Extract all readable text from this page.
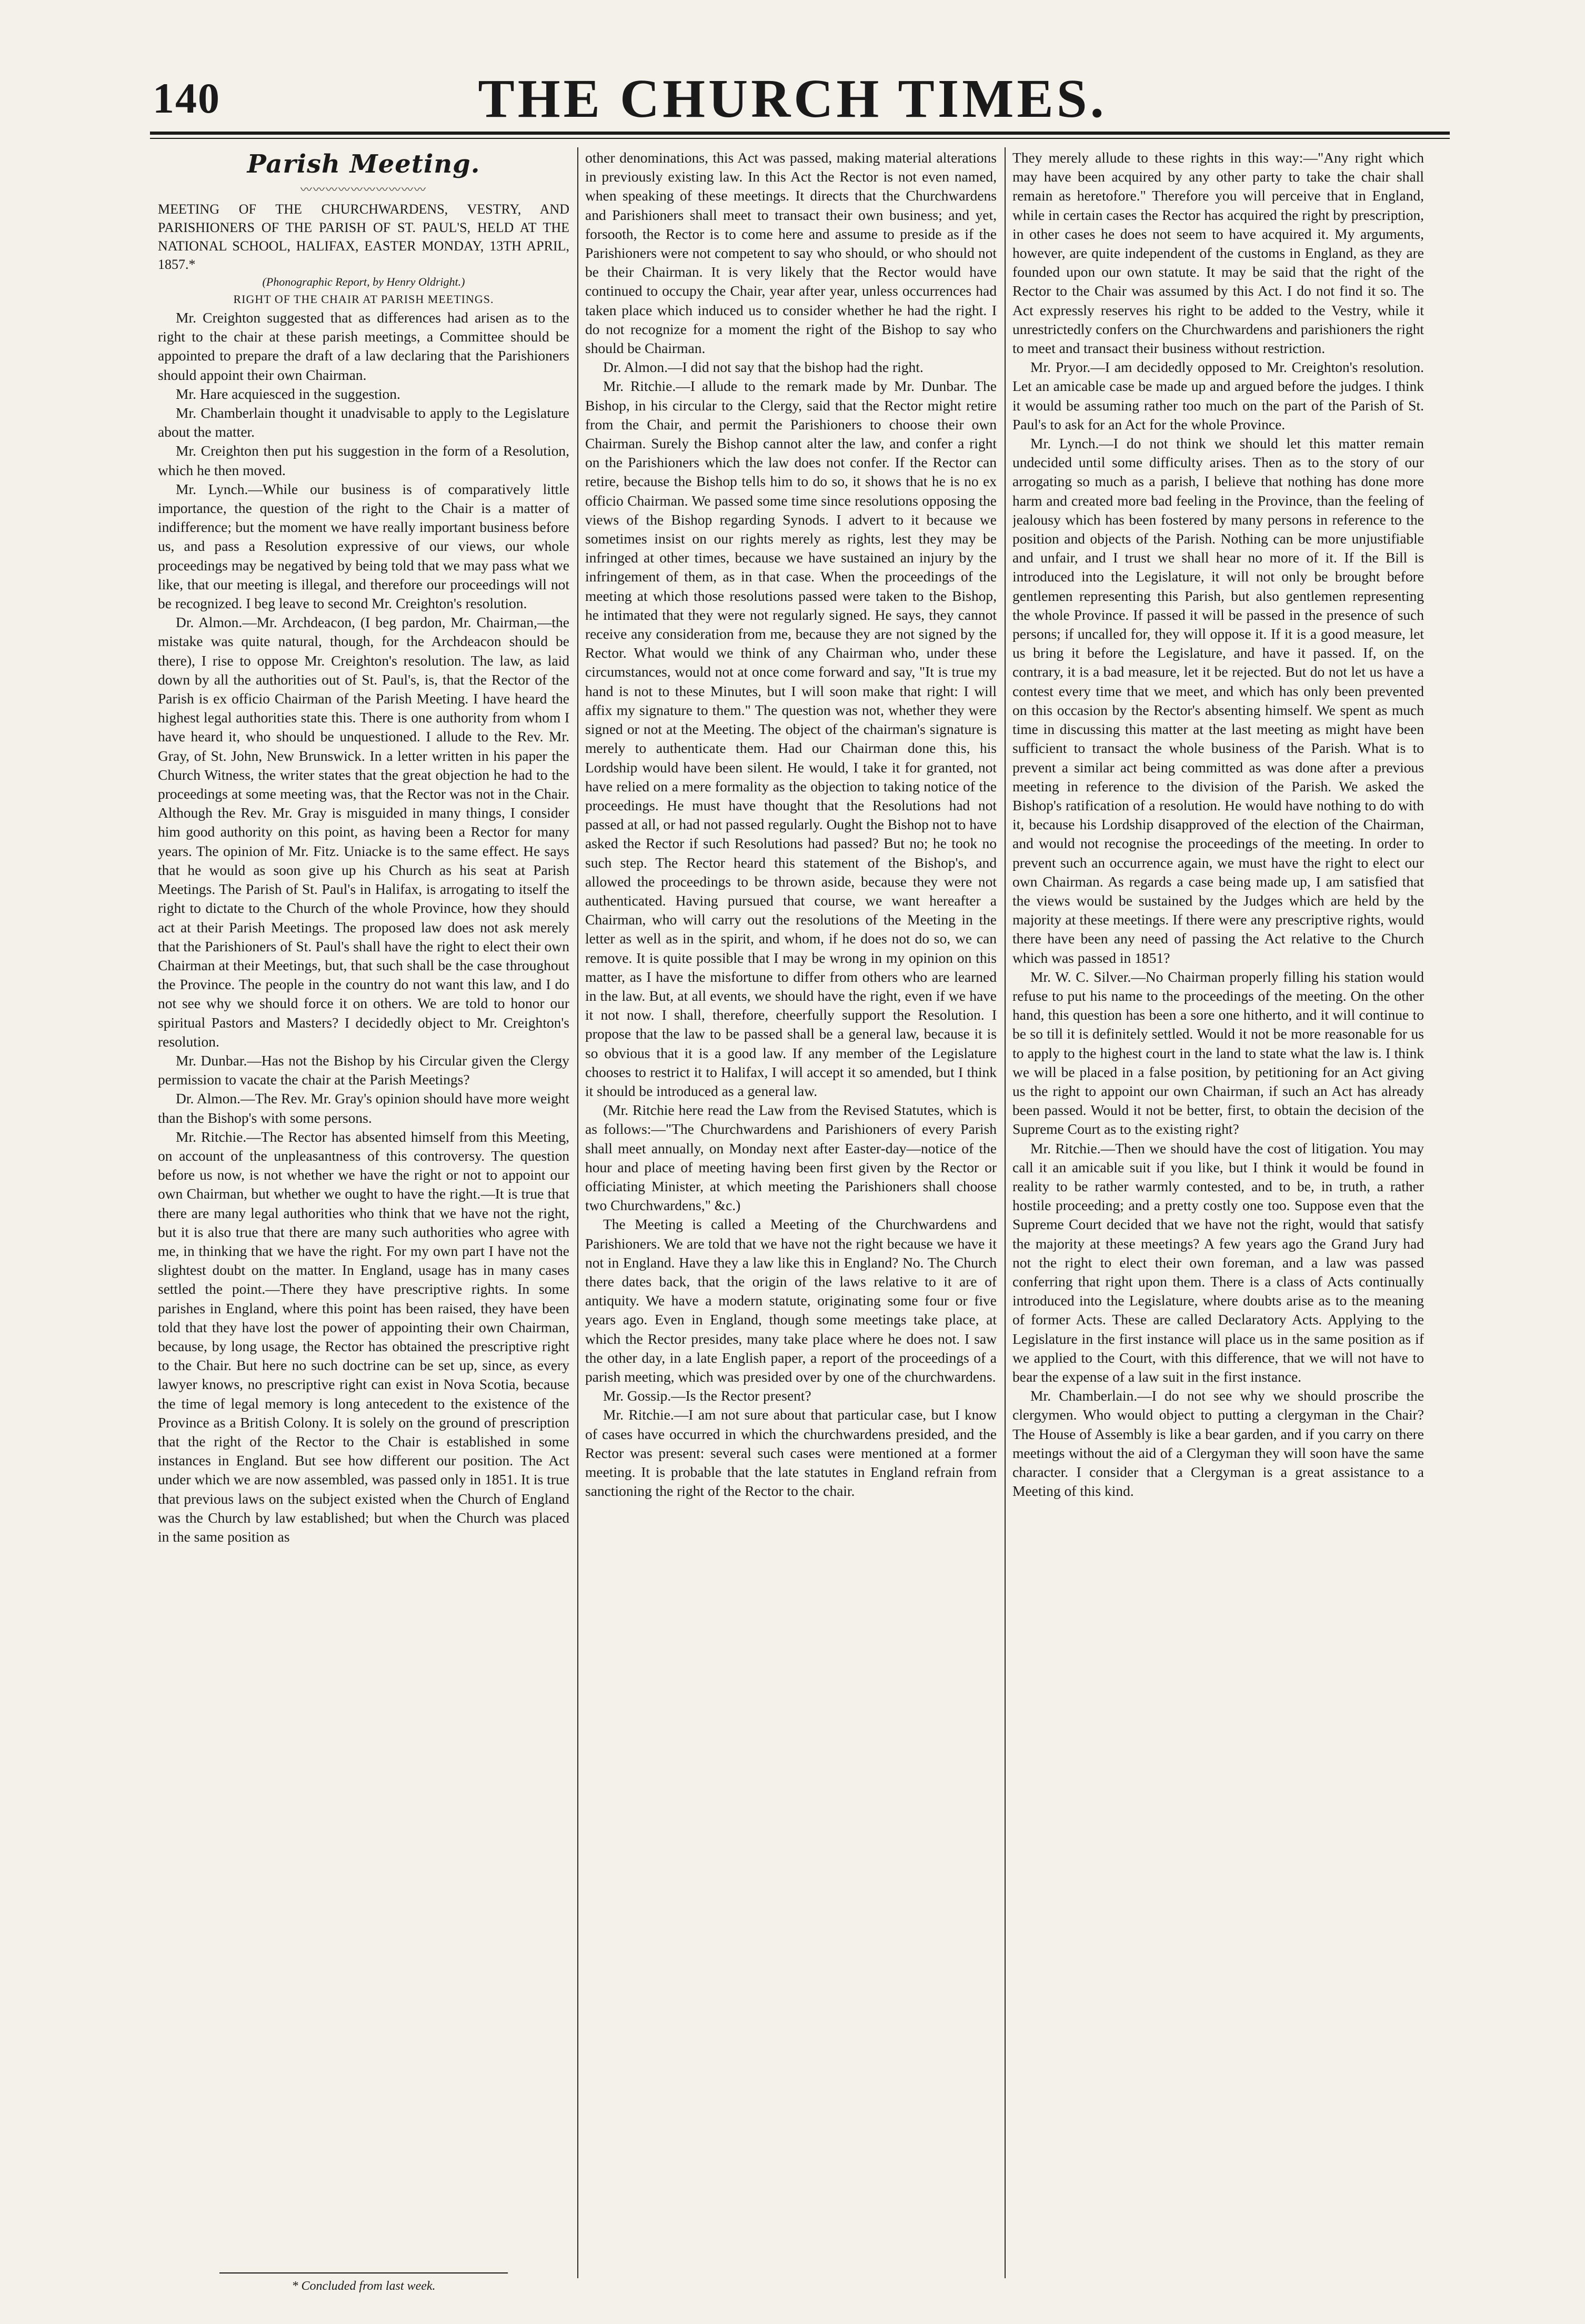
140	THE CHURCH TIMES.
Parish Meeting.
〰〰〰〰〰〰〰〰〰〰

MEETING OF THE CHURCHWARDENS, VESTRY, AND PARISHIONERS OF THE PARISH OF ST. PAUL'S, HELD AT THE NATIONAL SCHOOL, HALIFAX, EASTER MONDAY, 13TH APRIL, 1857.*

(Phonographic Report, by Henry Oldright.)
RIGHT OF THE CHAIR AT PARISH MEETINGS.

Mr. Creighton suggested that as differences had arisen as to the right to the chair at these parish meetings, a Committee should be appointed to prepare the draft of a law declaring that the Parishioners should appoint their own Chairman.

Mr. Hare acquiesced in the suggestion.

Mr. Chamberlain thought it unadvisable to apply to the Legislature about the matter.

Mr. Creighton then put his suggestion in the form of a Resolution, which he then moved.

Mr. Lynch.—While our business is of comparatively little importance, the question of the right to the Chair is a matter of indifference; but the moment we have really important business before us, and pass a Resolution expressive of our views, our whole proceedings may be negatived by being told that we may pass what we like, that our meeting is illegal, and therefore our proceedings will not be recognized. I beg leave to second Mr. Creighton's resolution.

Dr. Almon.—Mr. Archdeacon, (I beg pardon, Mr. Chairman,—the mistake was quite natural, though, for the Archdeacon should be there), I rise to oppose Mr. Creighton's resolution. The law, as laid down by all the authorities out of St. Paul's, is, that the Rector of the Parish is ex officio Chairman of the Parish Meeting. I have heard the highest legal authorities state this. There is one authority from whom I have heard it, who should be unquestioned. I allude to the Rev. Mr. Gray, of St. John, New Brunswick. In a letter written in his paper the Church Witness, the writer states that the great objection he had to the proceedings at some meeting was, that the Rector was not in the Chair. Although the Rev. Mr. Gray is misguided in many things, I consider him good authority on this point, as having been a Rector for many years. The opinion of Mr. Fitz. Uniacke is to the same effect. He says that he would as soon give up his Church as his seat at Parish Meetings. The Parish of St. Paul's in Halifax, is arrogating to itself the right to dictate to the Church of the whole Province, how they should act at their Parish Meetings. The proposed law does not ask merely that the Parishioners of St. Paul's shall have the right to elect their own Chairman at their Meetings, but, that such shall be the case throughout the Province. The people in the country do not want this law, and I do not see why we should force it on others. We are told to honor our spiritual Pastors and Masters? I decidedly object to Mr. Creighton's resolution.

Mr. Dunbar.—Has not the Bishop by his Circular given the Clergy permission to vacate the chair at the Parish Meetings?

Dr. Almon.—The Rev. Mr. Gray's opinion should have more weight than the Bishop's with some persons.

Mr. Ritchie.—The Rector has absented himself from this Meeting, on account of the unpleasantness of this controversy. The question before us now, is not whether we have the right or not to appoint our own Chairman, but whether we ought to have the right.—It is true that there are many legal authorities who think that we have not the right, but it is also true that there are many such authorities who agree with me, in thinking that we have the right. For my own part I have not the slightest doubt on the matter. In England, usage has in many cases settled the point.—There they have prescriptive rights. In some parishes in England, where this point has been raised, they have been told that they have lost the power of appointing their own Chairman, because, by long usage, the Rector has obtained the prescriptive right to the Chair. But here no such doctrine can be set up, since, as every lawyer knows, no prescriptive right can exist in Nova Scotia, because the time of legal memory is long antecedent to the existence of the Province as a British Colony. It is solely on the ground of prescription that the right of the Rector to the Chair is established in some instances in England. But see how different our position. The Act under which we are now assembled, was passed only in 1851. It is true that previous laws on the subject existed when the Church of England was the Church by law established; but when the Church was placed in the same position as

other denominations, this Act was passed, making material alterations in previously existing law. In this Act the Rector is not even named, when speaking of these meetings. It directs that the Churchwardens and Parishioners shall meet to transact their own business; and yet, forsooth, the Rector is to come here and assume to preside as if the Parishioners were not competent to say who should, or who should not be their Chairman. It is very likely that the Rector would have continued to occupy the Chair, year after year, unless occurrences had taken place which induced us to consider whether he had the right. I do not recognize for a moment the right of the Bishop to say who should be Chairman.

Dr. Almon.—I did not say that the bishop had the right.

Mr. Ritchie.—I allude to the remark made by Mr. Dunbar. The Bishop, in his circular to the Clergy, said that the Rector might retire from the Chair, and permit the Parishioners to choose their own Chairman. Surely the Bishop cannot alter the law, and confer a right on the Parishioners which the law does not confer. If the Rector can retire, because the Bishop tells him to do so, it shows that he is no ex officio Chairman. We passed some time since resolutions opposing the views of the Bishop regarding Synods. I advert to it because we sometimes insist on our rights merely as rights, lest they may be infringed at other times, because we have sustained an injury by the infringement of them, as in that case. When the proceedings of the meeting at which those resolutions passed were taken to the Bishop, he intimated that they were not regularly signed. He says, they cannot receive any consideration from me, because they are not signed by the Rector. What would we think of any Chairman who, under these circumstances, would not at once come forward and say, "It is true my hand is not to these Minutes, but I will soon make that right: I will affix my signature to them." The question was not, whether they were signed or not at the Meeting. The object of the chairman's signature is merely to authenticate them. Had our Chairman done this, his Lordship would have been silent. He would, I take it for granted, not have relied on a mere formality as the objection to taking notice of the proceedings. He must have thought that the Resolutions had not passed at all, or had not passed regularly. Ought the Bishop not to have asked the Rector if such Resolutions had passed? But no; he took no such step. The Rector heard this statement of the Bishop's, and allowed the proceedings to be thrown aside, because they were not authenticated. Having pursued that course, we want hereafter a Chairman, who will carry out the resolutions of the Meeting in the letter as well as in the spirit, and whom, if he does not do so, we can remove. It is quite possible that I may be wrong in my opinion on this matter, as I have the misfortune to differ from others who are learned in the law. But, at all events, we should have the right, even if we have it not now. I shall, therefore, cheerfully support the Resolution. I propose that the law to be passed shall be a general law, because it is so obvious that it is a good law. If any member of the Legislature chooses to restrict it to Halifax, I will accept it so amended, but I think it should be introduced as a general law.

(Mr. Ritchie here read the Law from the Revised Statutes, which is as follows:—"The Churchwardens and Parishioners of every Parish shall meet annually, on Monday next after Easter-day—notice of the hour and place of meeting having been first given by the Rector or officiating Minister, at which meeting the Parishioners shall choose two Churchwardens," &c.)

The Meeting is called a Meeting of the Churchwardens and Parishioners. We are told that we have not the right because we have it not in England. Have they a law like this in England? No. The Church there dates back, that the origin of the laws relative to it are of antiquity. We have a modern statute, originating some four or five years ago. Even in England, though some meetings take place, at which the Rector presides, many take place where he does not. I saw the other day, in a late English paper, a report of the proceedings of a parish meeting, which was presided over by one of the churchwardens.

Mr. Gossip.—Is the Rector present?

Mr. Ritchie.—I am not sure about that particular case, but I know of cases have occurred in which the churchwardens presided, and the Rector was present: several such cases were mentioned at a former meeting. It is probable that the late statutes in England refrain from sanctioning the right of the Rector to the chair.

They merely allude to these rights in this way:—"Any right which may have been acquired by any other party to take the chair shall remain as heretofore." Therefore you will perceive that in England, while in certain cases the Rector has acquired the right by prescription, in other cases he does not seem to have acquired it. My arguments, however, are quite independent of the customs in England, as they are founded upon our own statute. It may be said that the right of the Rector to the Chair was assumed by this Act. I do not find it so. The Act expressly reserves his right to be added to the Vestry, while it unrestrictedly confers on the Churchwardens and parishioners the right to meet and transact their business without restriction.

Mr. Pryor.—I am decidedly opposed to Mr. Creighton's resolution. Let an amicable case be made up and argued before the judges. I think it would be assuming rather too much on the part of the Parish of St. Paul's to ask for an Act for the whole Province.

Mr. Lynch.—I do not think we should let this matter remain undecided until some difficulty arises. Then as to the story of our arrogating so much as a parish, I believe that nothing has done more harm and created more bad feeling in the Province, than the feeling of jealousy which has been fostered by many persons in reference to the position and objects of the Parish. Nothing can be more unjustifiable and unfair, and I trust we shall hear no more of it. If the Bill is introduced into the Legislature, it will not only be brought before gentlemen representing this Parish, but also gentlemen representing the whole Province. If passed it will be passed in the presence of such persons; if uncalled for, they will oppose it. If it is a good measure, let us bring it before the Legislature, and have it passed. If, on the contrary, it is a bad measure, let it be rejected. But do not let us have a contest every time that we meet, and which has only been prevented on this occasion by the Rector's absenting himself. We spent as much time in discussing this matter at the last meeting as might have been sufficient to transact the whole business of the Parish. What is to prevent a similar act being committed as was done after a previous meeting in reference to the division of the Parish. We asked the Bishop's ratification of a resolution. He would have nothing to do with it, because his Lordship disapproved of the election of the Chairman, and would not recognise the proceedings of the meeting. In order to prevent such an occurrence again, we must have the right to elect our own Chairman. As regards a case being made up, I am satisfied that the views would be sustained by the Judges which are held by the majority at these meetings. If there were any prescriptive rights, would there have been any need of passing the Act relative to the Church which was passed in 1851?

Mr. W. C. Silver.—No Chairman properly filling his station would refuse to put his name to the proceedings of the meeting. On the other hand, this question has been a sore one hitherto, and it will continue to be so till it is definitely settled. Would it not be more reasonable for us to apply to the highest court in the land to state what the law is. I think we will be placed in a false position, by petitioning for an Act giving us the right to appoint our own Chairman, if such an Act has already been passed. Would it not be better, first, to obtain the decision of the Supreme Court as to the existing right?

Mr. Ritchie.—Then we should have the cost of litigation. You may call it an amicable suit if you like, but I think it would be found in reality to be rather warmly contested, and to be, in truth, a rather hostile proceeding; and a pretty costly one too. Suppose even that the Supreme Court decided that we have not the right, would that satisfy the majority at these meetings? A few years ago the Grand Jury had not the right to elect their own foreman, and a law was passed conferring that right upon them. There is a class of Acts continually introduced into the Legislature, where doubts arise as to the meaning of former Acts. These are called Declaratory Acts. Applying to the Legislature in the first instance will place us in the same position as if we applied to the Court, with this difference, that we will not have to bear the expense of a law suit in the first instance.

Mr. Chamberlain.—I do not see why we should proscribe the clergymen. Who would object to putting a clergyman in the Chair? The House of Assembly is like a bear garden, and if you carry on there meetings without the aid of a Clergyman they will soon have the same character. I consider that a Clergyman is a great assistance to a Meeting of this kind.

* Concluded from last week.
